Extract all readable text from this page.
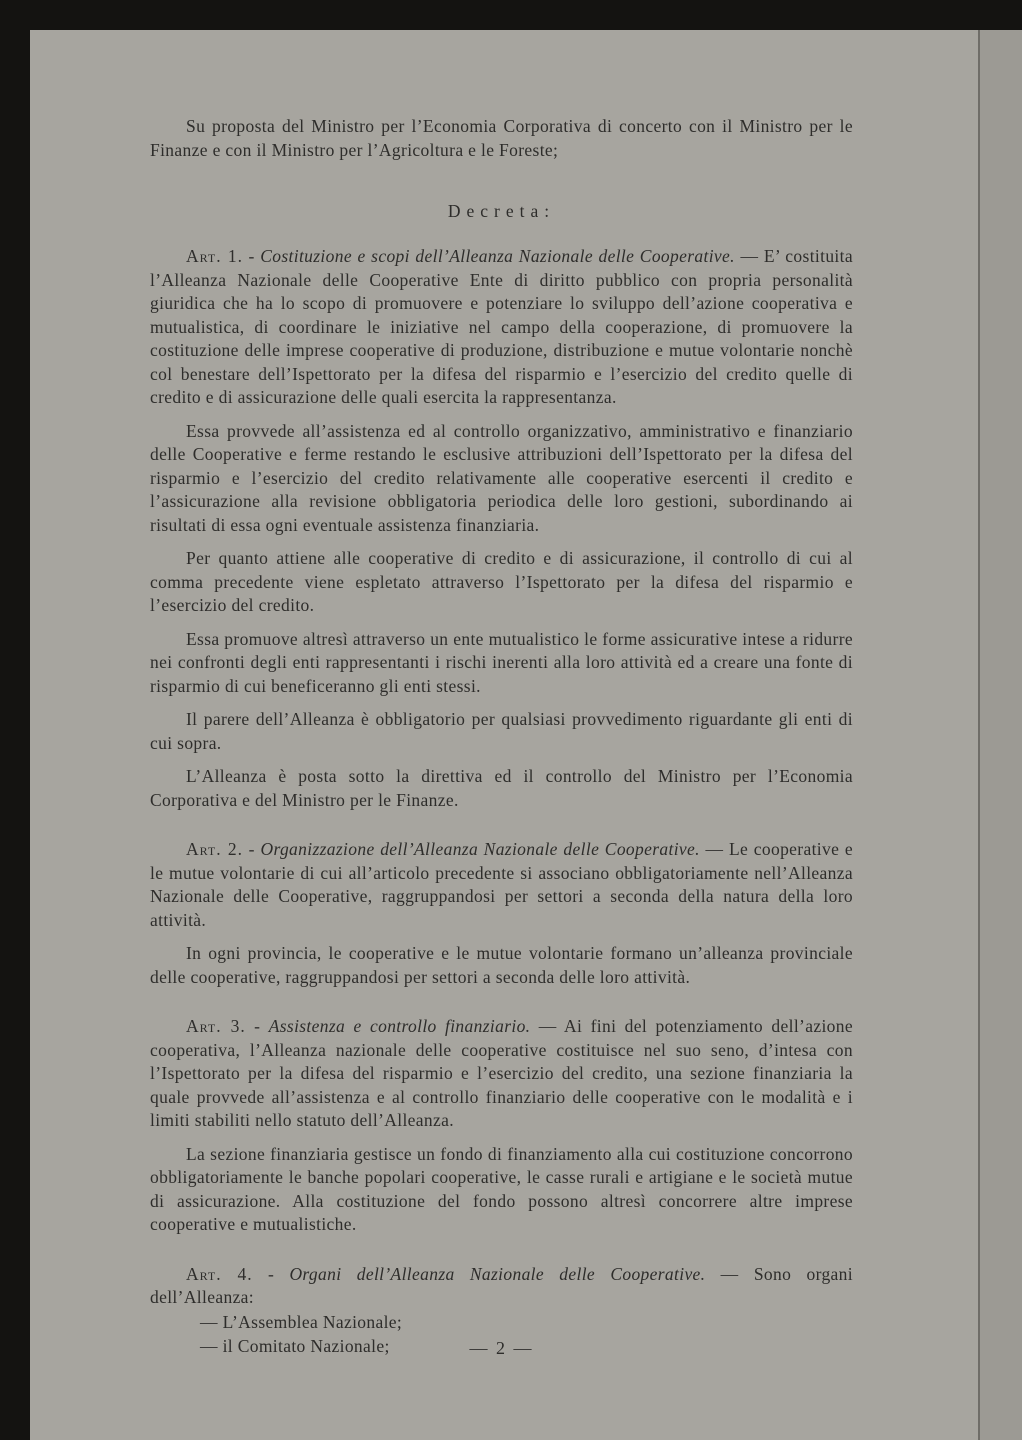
Su proposta del Ministro per l’Economia Corporativa di concerto con il Ministro per le Finanze e con il Ministro per l’Agricoltura e le Foreste;

Decreta:

Art. 1. - Costituzione e scopi dell’Alleanza Nazionale delle Cooperative. — E’ costituita l’Alleanza Nazionale delle Cooperative Ente di diritto pubblico con propria personalità giuridica che ha lo scopo di promuovere e potenziare lo sviluppo dell’azione cooperativa e mutualistica, di coordinare le iniziative nel campo della cooperazione, di promuovere la costituzione delle imprese cooperative di produzione, distribuzione e mutue volontarie nonchè col benestare dell’Ispettorato per la difesa del risparmio e l’esercizio del credito quelle di credito e di assicurazione delle quali esercita la rappresentanza.

Essa provvede all’assistenza ed al controllo organizzativo, amministrativo e finanziario delle Cooperative e ferme restando le esclusive attribuzioni dell’Ispettorato per la difesa del risparmio e l’esercizio del credito relativamente alle cooperative esercenti il credito e l’assicurazione alla revisione obbligatoria periodica delle loro gestioni, subordinando ai risultati di essa ogni eventuale assistenza finanziaria.

Per quanto attiene alle cooperative di credito e di assicurazione, il controllo di cui al comma precedente viene espletato attraverso l’Ispettorato per la difesa del risparmio e l’esercizio del credito.

Essa promuove altresì attraverso un ente mutualistico le forme assicurative intese a ridurre nei confronti degli enti rappresentanti i rischi inerenti alla loro attività ed a creare una fonte di risparmio di cui beneficeranno gli enti stessi.

Il parere dell’Alleanza è obbligatorio per qualsiasi provvedimento riguardante gli enti di cui sopra.

L’Alleanza è posta sotto la direttiva ed il controllo del Ministro per l’Economia Corporativa e del Ministro per le Finanze.

Art. 2. - Organizzazione dell’Alleanza Nazionale delle Cooperative. — Le cooperative e le mutue volontarie di cui all’articolo precedente si associano obbligatoriamente nell’Alleanza Nazionale delle Cooperative, raggruppandosi per settori a seconda della natura della loro attività.

In ogni provincia, le cooperative e le mutue volontarie formano un’alleanza provinciale delle cooperative, raggruppandosi per settori a seconda delle loro attività.

Art. 3. - Assistenza e controllo finanziario. — Ai fini del potenziamento dell’azione cooperativa, l’Alleanza nazionale delle cooperative costituisce nel suo seno, d’intesa con l’Ispettorato per la difesa del risparmio e l’esercizio del credito, una sezione finanziaria la quale provvede all’assistenza e al controllo finanziario delle cooperative con le modalità e i limiti stabiliti nello statuto dell’Alleanza.

La sezione finanziaria gestisce un fondo di finanziamento alla cui costituzione concorrono obbligatoriamente le banche popolari cooperative, le casse rurali e artigiane e le società mutue di assicurazione. Alla costituzione del fondo possono altresì concorrere altre imprese cooperative e mutualistiche.

Art. 4. - Organi dell’Alleanza Nazionale delle Cooperative. — Sono organi dell’Alleanza:

— L’Assemblea Nazionale;
— il Comitato Nazionale;	— 2 —
